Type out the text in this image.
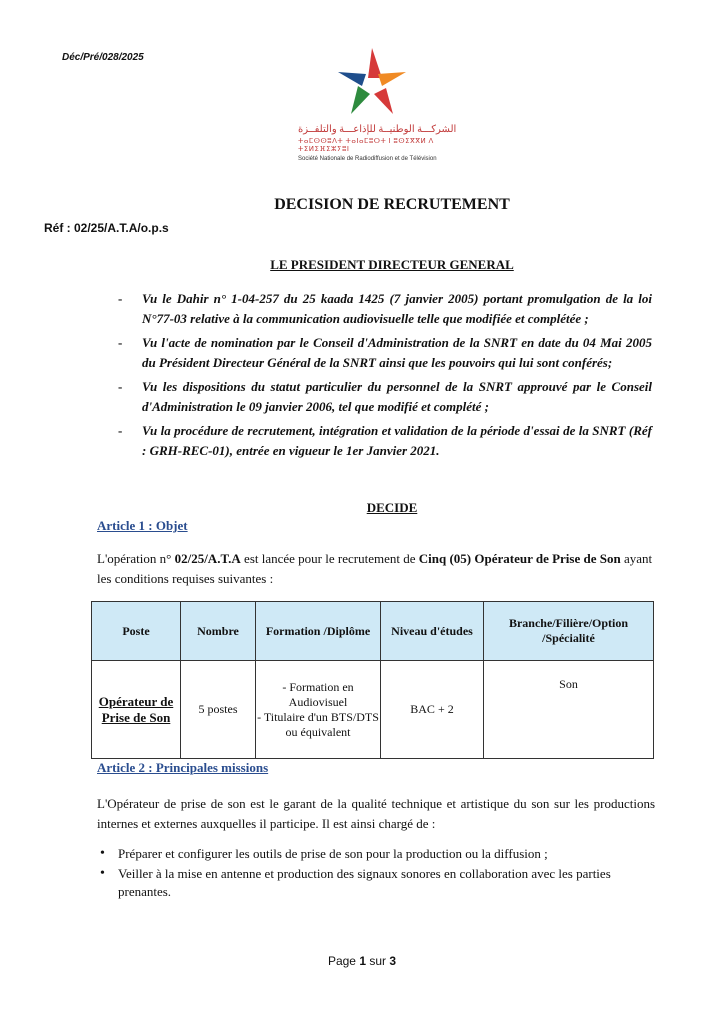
Déc/Pré/028/2025
الشركـــة الوطنيــة للإذاعـــة والتلفــزة
ⵜⴰⵎⵙⵙⵓⴷⵜ ⵜⴰⵏⴰⵎⵓⵔⵜ ⵏ ⵓⵙⵉⴳⴳⵍ ⴷ ⵜⵉⵍⵉⴼⵉⵣⵢⵓⵏ
Société Nationale de Radiodiffusion et de Télévision
DECISION DE RECRUTEMENT
Réf : 02/25/A.T.A/o.p.s
LE PRESIDENT DIRECTEUR GENERAL
- Vu le Dahir n° 1-04-257 du 25 kaada 1425 (7 janvier 2005) portant promulgation de la loi N°77-03 relative à la communication audiovisuelle telle que modifiée et complétée ;
- Vu l'acte de nomination par le Conseil d'Administration de la SNRT en date du 04 Mai 2005 du Président Directeur Général de la SNRT ainsi que les pouvoirs qui lui sont conférés;
- Vu les dispositions du statut particulier du personnel de la SNRT approuvé par le Conseil d'Administration le 09 janvier 2006, tel que modifié et complété ;
- Vu la procédure de recrutement, intégration et validation de la période d'essai de la SNRT (Réf : GRH-REC-01), entrée en vigueur le 1er Janvier 2021.
DECIDE
Article 1 : Objet
L'opération n° 02/25/A.T.A est lancée pour le recrutement de Cinq (05) Opérateur de Prise de Son ayant les conditions requises suivantes :
Poste	Nombre	Formation /Diplôme	Niveau d'études	Branche/Filière/Option /Spécialité
Opérateur de Prise de Son	5 postes	- Formation en Audiovisuel
- Titulaire d'un BTS/DTS ou équivalent	BAC + 2	Son
Article 2 : Principales missions
L'Opérateur de prise de son est le garant de la qualité technique et artistique du son sur les productions internes et externes auxquelles il participe. Il est ainsi chargé de :
• Préparer et configurer les outils de prise de son pour la production ou la diffusion ;
• Veiller à la mise en antenne et production des signaux sonores en collaboration avec les parties prenantes.
Page 1 sur 3
